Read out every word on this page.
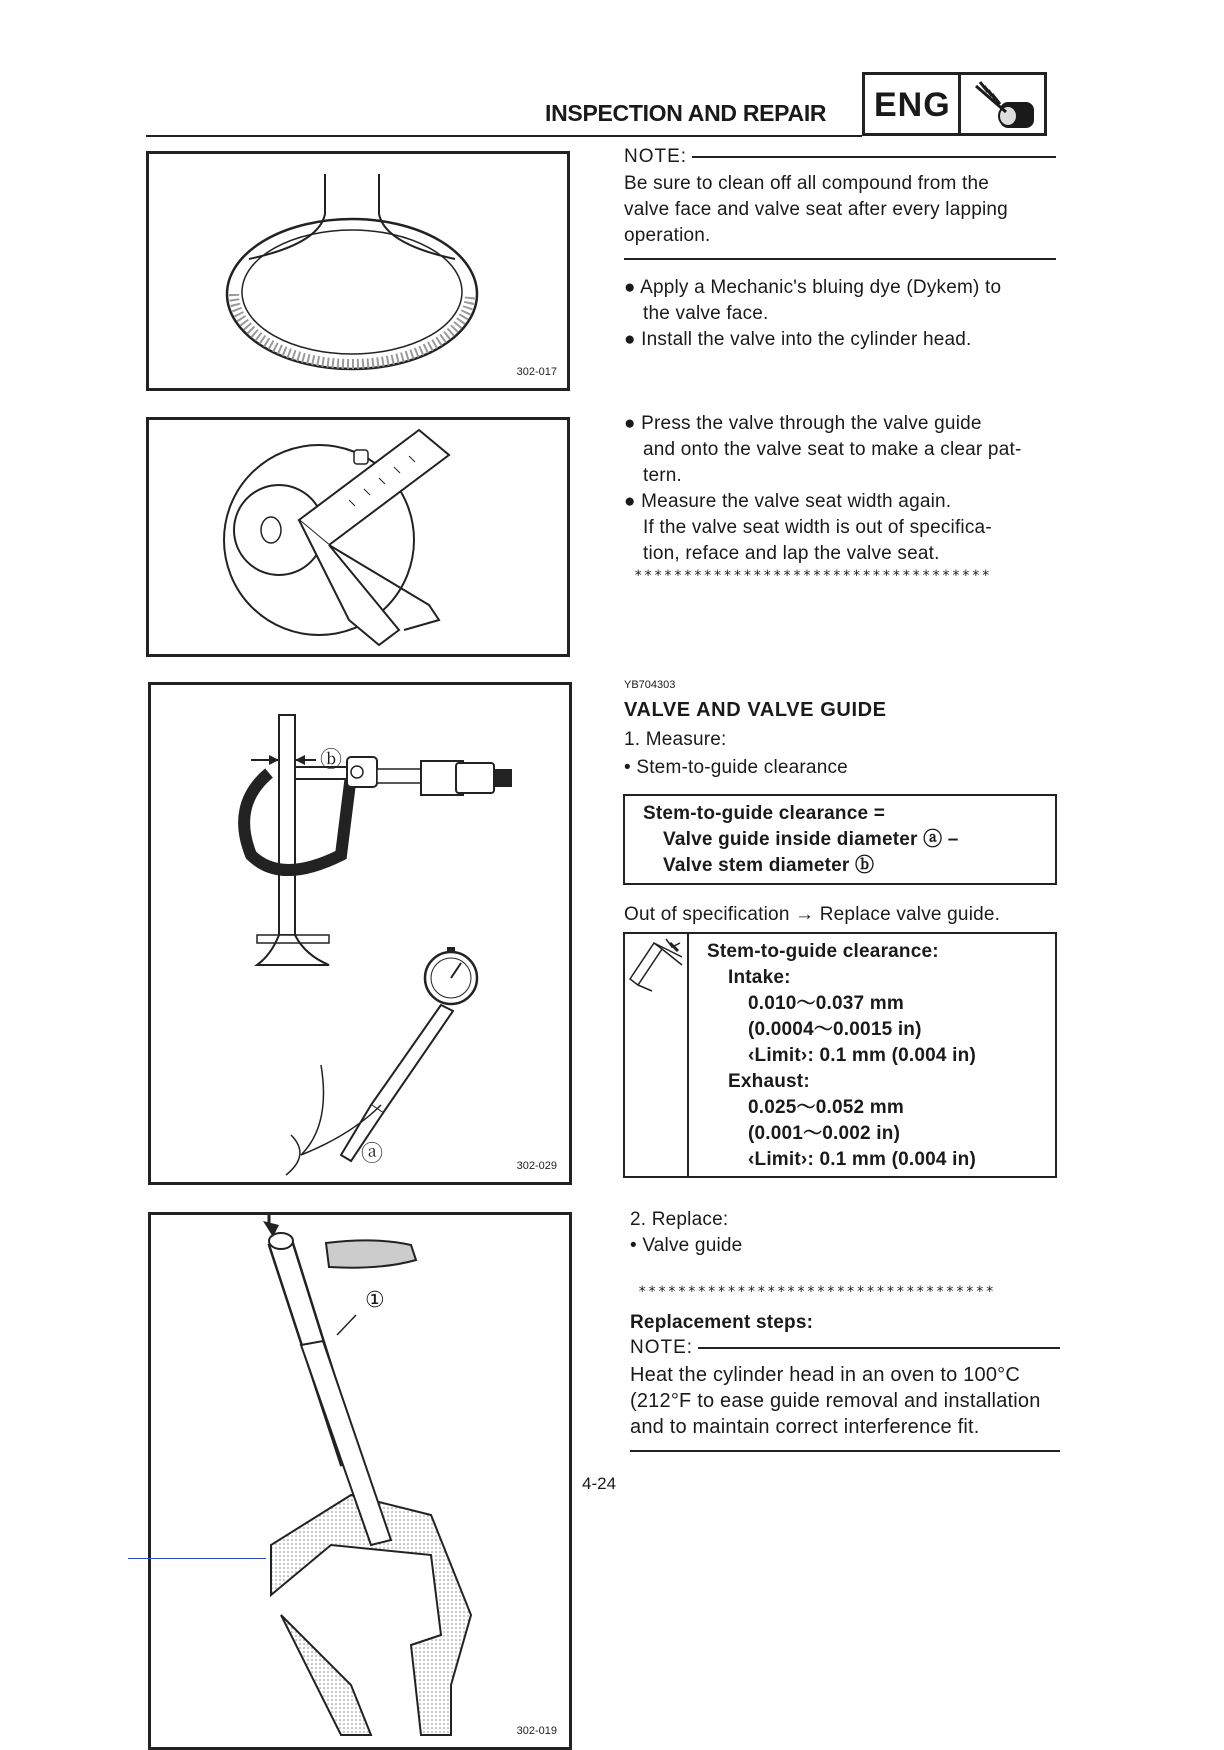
INSPECTION AND REPAIR ENG
302-017
ⓑ
ⓐ	302-029
①
302-019
NOTE:
Be sure to clean off all compound from the
valve face and valve seat after every lapping
operation.
● Apply a Mechanic's bluing dye (Dykem) to
the valve face.
● Install the valve into the cylinder head.
● Press the valve through the valve guide
and onto the valve seat to make a clear pat-
tern.
● Measure the valve seat width again.
If the valve seat width is out of specifica-
tion, reface and lap the valve seat.
************************************
YB704303
VALVE AND VALVE GUIDE
1. Measure:
• Stem-to-guide clearance
Stem-to-guide clearance =
Valve guide inside diameter ⓐ –
Valve stem diameter ⓑ
Out of specification → Replace valve guide.
Stem-to-guide clearance:
Intake:
0.010～0.037 mm
(0.0004～0.0015 in)
‹Limit›: 0.1 mm (0.004 in)
Exhaust:
0.025～0.052 mm
(0.001～0.002 in)
‹Limit›: 0.1 mm (0.004 in)
2. Replace:
• Valve guide
************************************
Replacement steps:
NOTE:
Heat the cylinder head in an oven to 100°C
(212°F to ease guide removal and installation
and to maintain correct interference fit.
4-24
